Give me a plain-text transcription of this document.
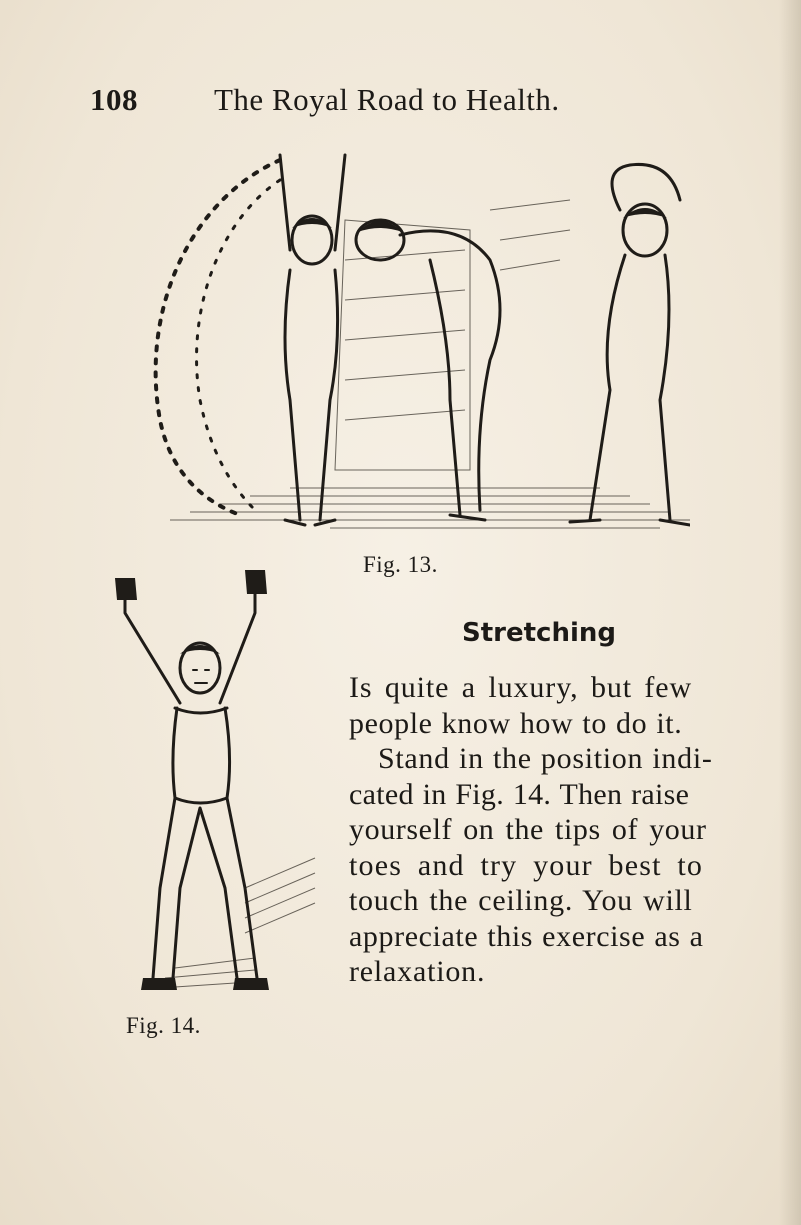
108 The Royal Road to Health.
Fig. 13.
Fig. 14.
Stretching
Is quite a luxury, but few
people know how to do it.
Stand in the position indi-
cated in Fig. 14. Then raise
yourself on the tips of your
toes and try your best to
touch the ceiling. You will
appreciate this exercise as a
relaxation.
